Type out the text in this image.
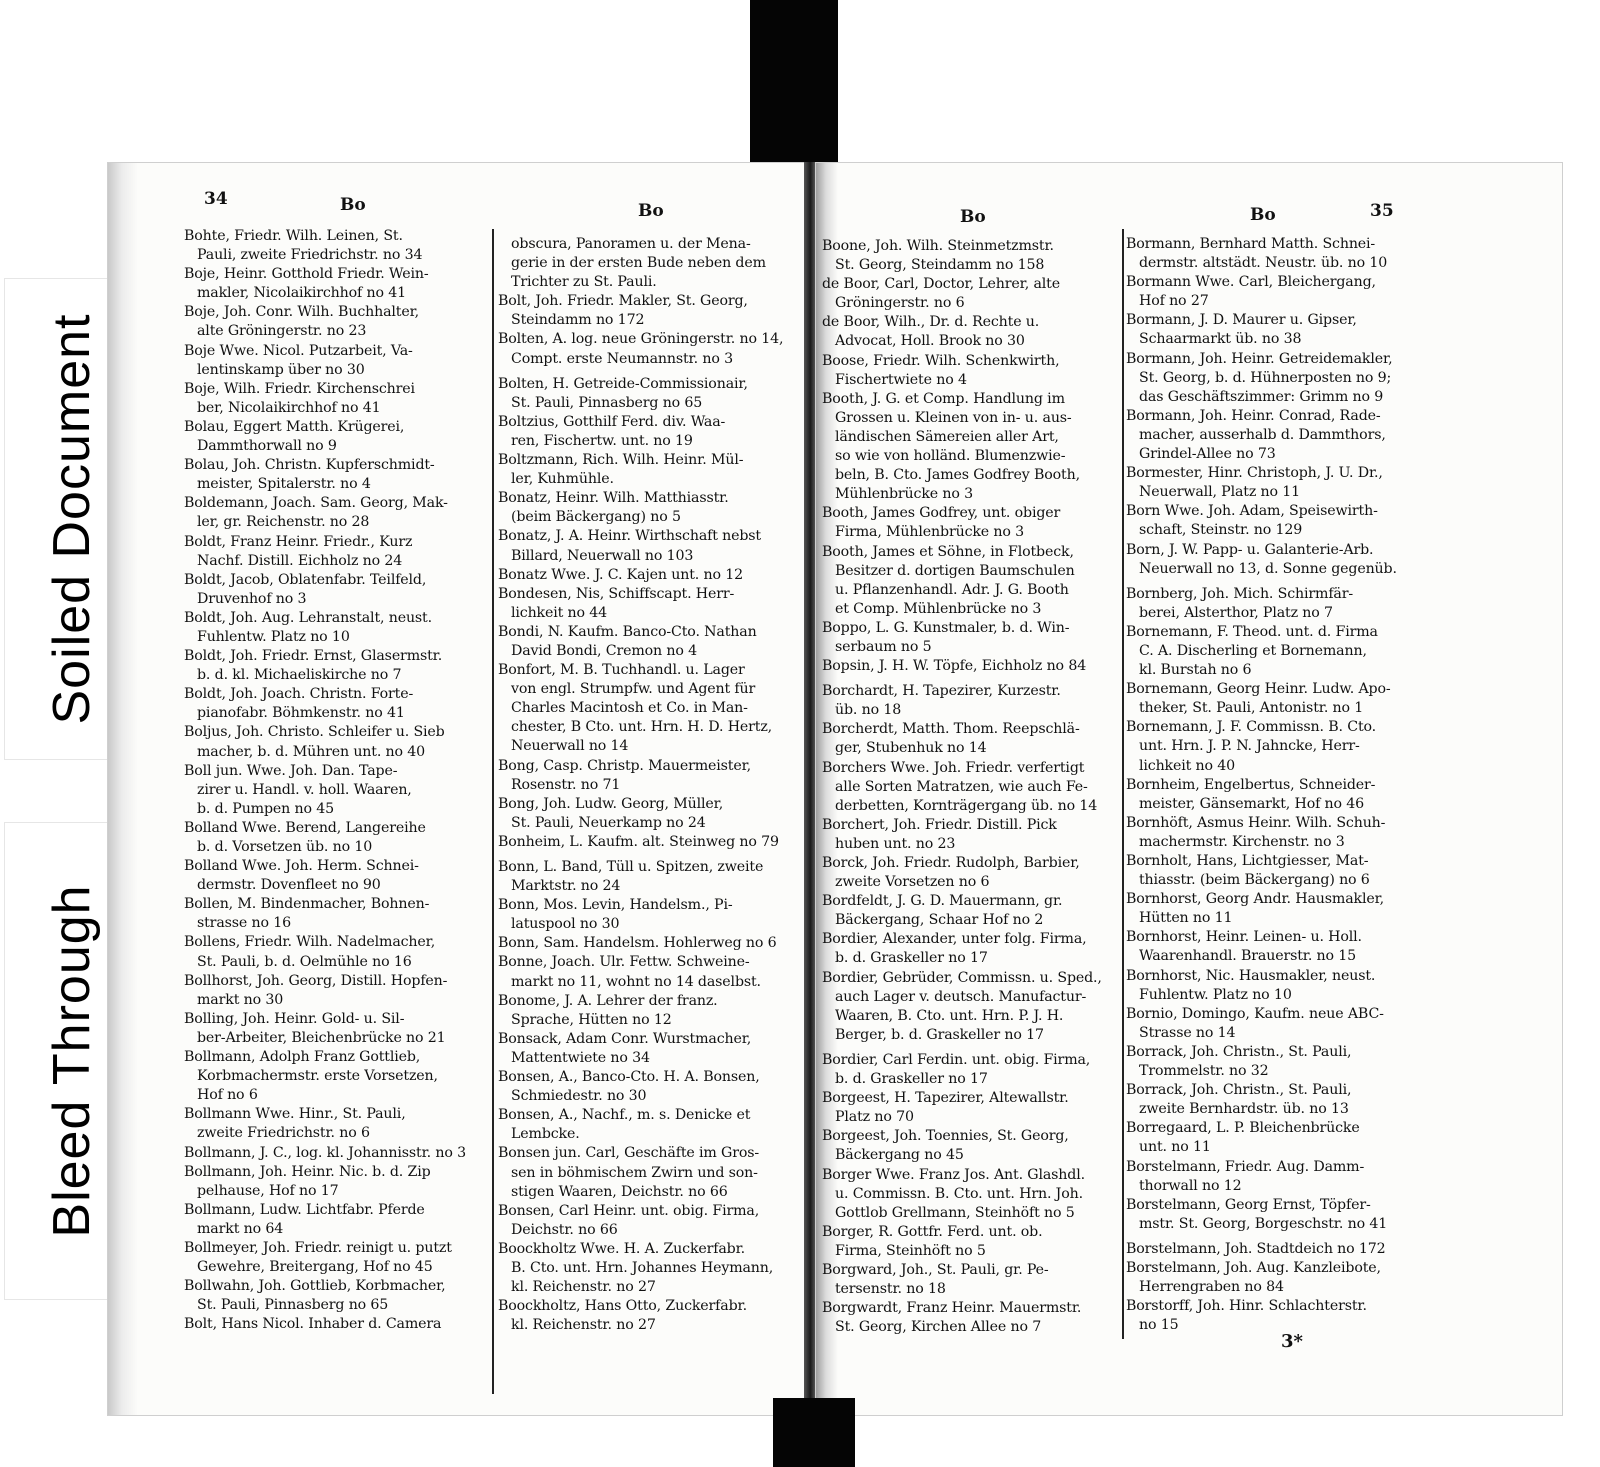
Soiled Document
Bleed Through
34	Bo	Bo

Bohte, Friedr. Wilh. Leinen, St.

Pauli, zweite Friedrichstr. no 34

Boje, Heinr. Gotthold Friedr. Wein-

makler, Nicolaikirchhof no 41

Boje, Joh. Conr. Wilh. Buchhalter,

alte Gröningerstr. no 23

Boje Wwe. Nicol. Putzarbeit, Va-

lentinskamp über no 30

Boje, Wilh. Friedr. Kirchenschrei

ber, Nicolaikirchhof no 41

Bolau, Eggert Matth. Krügerei,

Dammthorwall no 9

Bolau, Joh. Christn. Kupferschmidt-

meister, Spitalerstr. no 4

Boldemann, Joach. Sam. Georg, Mak-

ler, gr. Reichenstr. no 28

Boldt, Franz Heinr. Friedr., Kurz

Nachf. Distill. Eichholz no 24

Boldt, Jacob, Oblatenfabr. Teilfeld,

Druvenhof no 3

Boldt, Joh. Aug. Lehranstalt, neust.

Fuhlentw. Platz no 10

Boldt, Joh. Friedr. Ernst, Glasermstr.

b. d. kl. Michaeliskirche no 7

Boldt, Joh. Joach. Christn. Forte-

pianofabr. Böhmkenstr. no 41

Boljus, Joh. Christo. Schleifer u. Sieb

macher, b. d. Mühren unt. no 40

Boll jun. Wwe. Joh. Dan. Tape-

zirer u. Handl. v. holl. Waaren,

b. d. Pumpen no 45

Bolland Wwe. Berend, Langereihe

b. d. Vorsetzen üb. no 10

Bolland Wwe. Joh. Herm. Schnei-

dermstr. Dovenfleet no 90

Bollen, M. Bindenmacher, Bohnen-

strasse no 16

Bollens, Friedr. Wilh. Nadelmacher,

St. Pauli, b. d. Oelmühle no 16

Bollhorst, Joh. Georg, Distill. Hopfen-

markt no 30

Bolling, Joh. Heinr. Gold- u. Sil-

ber-Arbeiter, Bleichenbrücke no 21

Bollmann, Adolph Franz Gottlieb,

Korbmachermstr. erste Vorsetzen,

Hof no 6

Bollmann Wwe. Hinr., St. Pauli,

zweite Friedrichstr. no 6

Bollmann, J. C., log. kl. Johannisstr. no 3

Bollmann, Joh. Heinr. Nic. b. d. Zip

pelhause, Hof no 17

Bollmann, Ludw. Lichtfabr. Pferde

markt no 64

Bollmeyer, Joh. Friedr. reinigt u. putzt

Gewehre, Breitergang, Hof no 45

Bollwahn, Joh. Gottlieb, Korbmacher,

St. Pauli, Pinnasberg no 65

Bolt, Hans Nicol. Inhaber d. Camera

obscura, Panoramen u. der Mena-

gerie in der ersten Bude neben dem

Trichter zu St. Pauli.

Bolt, Joh. Friedr. Makler, St. Georg,

Steindamm no 172

Bolten, A. log. neue Gröningerstr. no 14,

Compt. erste Neumannstr. no 3

Bolten, H. Getreide-Commissionair,

St. Pauli, Pinnasberg no 65

Boltzius, Gotthilf Ferd. div. Waa-

ren, Fischertw. unt. no 19

Boltzmann, Rich. Wilh. Heinr. Mül-

ler, Kuhmühle.

Bonatz, Heinr. Wilh. Matthiasstr.

(beim Bäckergang) no 5

Bonatz, J. A. Heinr. Wirthschaft nebst

Billard, Neuerwall no 103

Bonatz Wwe. J. C. Kajen unt. no 12

Bondesen, Nis, Schiffscapt. Herr-

lichkeit no 44

Bondi, N. Kaufm. Banco-Cto. Nathan

David Bondi, Cremon no 4

Bonfort, M. B. Tuchhandl. u. Lager

von engl. Strumpfw. und Agent für

Charles Macintosh et Co. in Man-

chester, B Cto. unt. Hrn. H. D. Hertz,

Neuerwall no 14

Bong, Casp. Christp. Mauermeister,

Rosenstr. no 71

Bong, Joh. Ludw. Georg, Müller,

St. Pauli, Neuerkamp no 24

Bonheim, L. Kaufm. alt. Steinweg no 79

Bonn, L. Band, Tüll u. Spitzen, zweite

Marktstr. no 24

Bonn, Mos. Levin, Handelsm., Pi-

latuspool no 30

Bonn, Sam. Handelsm. Hohlerweg no 6

Bonne, Joach. Ulr. Fettw. Schweine-

markt no 11, wohnt no 14 daselbst.

Bonome, J. A. Lehrer der franz.

Sprache, Hütten no 12

Bonsack, Adam Conr. Wurstmacher,

Mattentwiete no 34

Bonsen, A., Banco-Cto. H. A. Bonsen,

Schmiedestr. no 30

Bonsen, A., Nachf., m. s. Denicke et

Lembcke.

Bonsen jun. Carl, Geschäfte im Gros-

sen in böhmischem Zwirn und son-

stigen Waaren, Deichstr. no 66

Bonsen, Carl Heinr. unt. obig. Firma,

Deichstr. no 66

Boockholtz Wwe. H. A. Zuckerfabr.

B. Cto. unt. Hrn. Johannes Heymann,

kl. Reichenstr. no 27

Boockholtz, Hans Otto, Zuckerfabr.

kl. Reichenstr. no 27

Bo	Bo	35

Boone, Joh. Wilh. Steinmetzmstr.

St. Georg, Steindamm no 158

de Boor, Carl, Doctor, Lehrer, alte

Gröningerstr. no 6

de Boor, Wilh., Dr. d. Rechte u.

Advocat, Holl. Brook no 30

Boose, Friedr. Wilh. Schenkwirth,

Fischertwiete no 4

Booth, J. G. et Comp. Handlung im

Grossen u. Kleinen von in- u. aus-

ländischen Sämereien aller Art,

so wie von holländ. Blumenzwie-

beln, B. Cto. James Godfrey Booth,

Mühlenbrücke no 3

Booth, James Godfrey, unt. obiger

Firma, Mühlenbrücke no 3

Booth, James et Söhne, in Flotbeck,

Besitzer d. dortigen Baumschulen

u. Pflanzenhandl. Adr. J. G. Booth

et Comp. Mühlenbrücke no 3

Boppo, L. G. Kunstmaler, b. d. Win-

serbaum no 5

Bopsin, J. H. W. Töpfe, Eichholz no 84

Borchardt, H. Tapezirer, Kurzestr.

üb. no 18

Borcherdt, Matth. Thom. Reepschlä-

ger, Stubenhuk no 14

Borchers Wwe. Joh. Friedr. verfertigt

alle Sorten Matratzen, wie auch Fe-

derbetten, Kornträgergang üb. no 14

Borchert, Joh. Friedr. Distill. Pick

huben unt. no 23

Borck, Joh. Friedr. Rudolph, Barbier,

zweite Vorsetzen no 6

Bordfeldt, J. G. D. Mauermann, gr.

Bäckergang, Schaar Hof no 2

Bordier, Alexander, unter folg. Firma,

b. d. Graskeller no 17

Bordier, Gebrüder, Commissn. u. Sped.,

auch Lager v. deutsch. Manufactur-

Waaren, B. Cto. unt. Hrn. P. J. H.

Berger, b. d. Graskeller no 17

Bordier, Carl Ferdin. unt. obig. Firma,

b. d. Graskeller no 17

Borgeest, H. Tapezirer, Altewallstr.

Platz no 70

Borgeest, Joh. Toennies, St. Georg,

Bäckergang no 45

Borger Wwe. Franz Jos. Ant. Glashdl.

u. Commissn. B. Cto. unt. Hrn. Joh.

Gottlob Grellmann, Steinhöft no 5

Borger, R. Gottfr. Ferd. unt. ob.

Firma, Steinhöft no 5

Borgward, Joh., St. Pauli, gr. Pe-

tersenstr. no 18

Borgwardt, Franz Heinr. Mauermstr.

St. Georg, Kirchen Allee no 7

Bormann, Bernhard Matth. Schnei-

dermstr. altstädt. Neustr. üb. no 10

Bormann Wwe. Carl, Bleichergang,

Hof no 27

Bormann, J. D. Maurer u. Gipser,

Schaarmarkt üb. no 38

Bormann, Joh. Heinr. Getreidemakler,

St. Georg, b. d. Hühnerposten no 9;

das Geschäftszimmer: Grimm no 9

Bormann, Joh. Heinr. Conrad, Rade-

macher, ausserhalb d. Dammthors,

Grindel-Allee no 73

Bormester, Hinr. Christoph, J. U. Dr.,

Neuerwall, Platz no 11

Born Wwe. Joh. Adam, Speisewirth-

schaft, Steinstr. no 129

Born, J. W. Papp- u. Galanterie-Arb.

Neuerwall no 13, d. Sonne gegenüb.

Bornberg, Joh. Mich. Schirmfär-

berei, Alsterthor, Platz no 7

Bornemann, F. Theod. unt. d. Firma

C. A. Discherling et Bornemann,

kl. Burstah no 6

Bornemann, Georg Heinr. Ludw. Apo-

theker, St. Pauli, Antonistr. no 1

Bornemann, J. F. Commissn. B. Cto.

unt. Hrn. J. P. N. Jahncke, Herr-

lichkeit no 40

Bornheim, Engelbertus, Schneider-

meister, Gänsemarkt, Hof no 46

Bornhöft, Asmus Heinr. Wilh. Schuh-

machermstr. Kirchenstr. no 3

Bornholt, Hans, Lichtgiesser, Mat-

thiasstr. (beim Bäckergang) no 6

Bornhorst, Georg Andr. Hausmakler,

Hütten no 11

Bornhorst, Heinr. Leinen- u. Holl.

Waarenhandl. Brauerstr. no 15

Bornhorst, Nic. Hausmakler, neust.

Fuhlentw. Platz no 10

Bornio, Domingo, Kaufm. neue ABC-

Strasse no 14

Borrack, Joh. Christn., St. Pauli,

Trommelstr. no 32

Borrack, Joh. Christn., St. Pauli,

zweite Bernhardstr. üb. no 13

Borregaard, L. P. Bleichenbrücke

unt. no 11

Borstelmann, Friedr. Aug. Damm-

thorwall no 12

Borstelmann, Georg Ernst, Töpfer-

mstr. St. Georg, Borgeschstr. no 41

Borstelmann, Joh. Stadtdeich no 172

Borstelmann, Joh. Aug. Kanzleibote,

Herrengraben no 84

Borstorff, Joh. Hinr. Schlachterstr.

no 15

3*
